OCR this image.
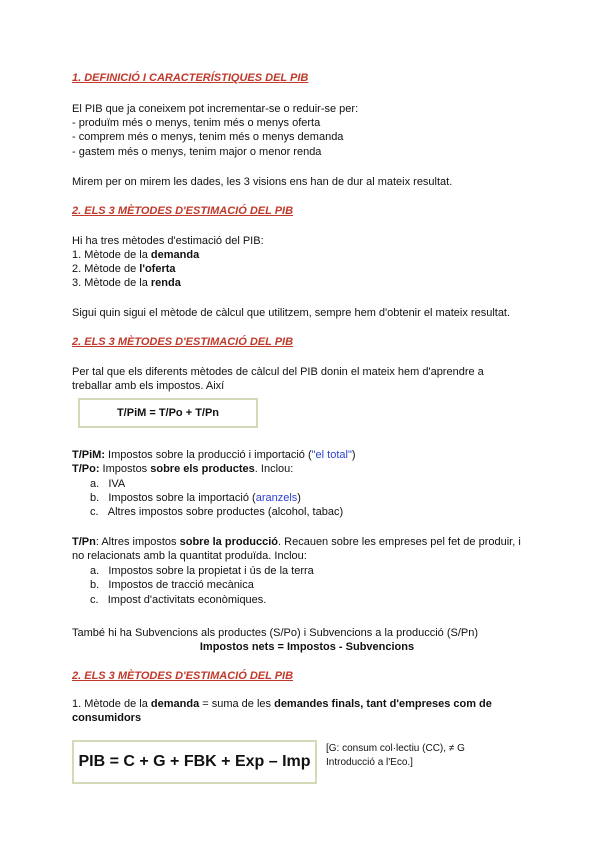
1. DEFINICIÓ I CARACTERÍSTIQUES DEL PIB
El PIB que ja coneixem pot incrementar-se o reduir-se per:
- produïm més o menys, tenim més o menys oferta
- comprem més o menys, tenim més o menys demanda
- gastem més o menys, tenim major o menor renda
Mirem per on mirem les dades, les 3 visions ens han de dur al mateix resultat.
2. ELS 3 MÈTODES D'ESTIMACIÓ DEL PIB
Hi ha tres mètodes d'estimació del PIB:
1. Mètode de la demanda
2. Mètode de l'oferta
3. Mètode de la renda
Sigui quin sigui el mètode de càlcul que utilitzem, sempre hem d'obtenir el mateix resultat.
2. ELS 3 MÈTODES D'ESTIMACIÓ DEL PIB
Per tal que els diferents mètodes de càlcul del PIB donin el mateix hem d'aprendre a
treballar amb els impostos. Així
T/PiM = T/Po + T/Pn
T/PiM: Impostos sobre la producció i importació ("el total")
T/Po: Impostos sobre els productes. Inclou:
a. IVA
b. Impostos sobre la importació (aranzels)
c. Altres impostos sobre productes (alcohol, tabac)
T/Pn: Altres impostos sobre la producció. Recauen sobre les empreses pel fet de produir, i
no relacionats amb la quantitat produïda. Inclou:
a. Impostos sobre la propietat i ús de la terra
b. Impostos de tracció mecànica
c. Impost d'activitats econòmiques.
També hi ha Subvencions als productes (S/Po) i Subvencions a la producció (S/Pn)
Impostos nets = Impostos - Subvencions
2. ELS 3 MÈTODES D'ESTIMACIÓ DEL PIB
1. Mètode de la demanda = suma de les demandes finals, tant d'empreses com de
consumidors
PIB = C + G + FBK + Exp – Imp
[G: consum col·lectiu (CC), ≠ G
Introducció a l'Eco.]
